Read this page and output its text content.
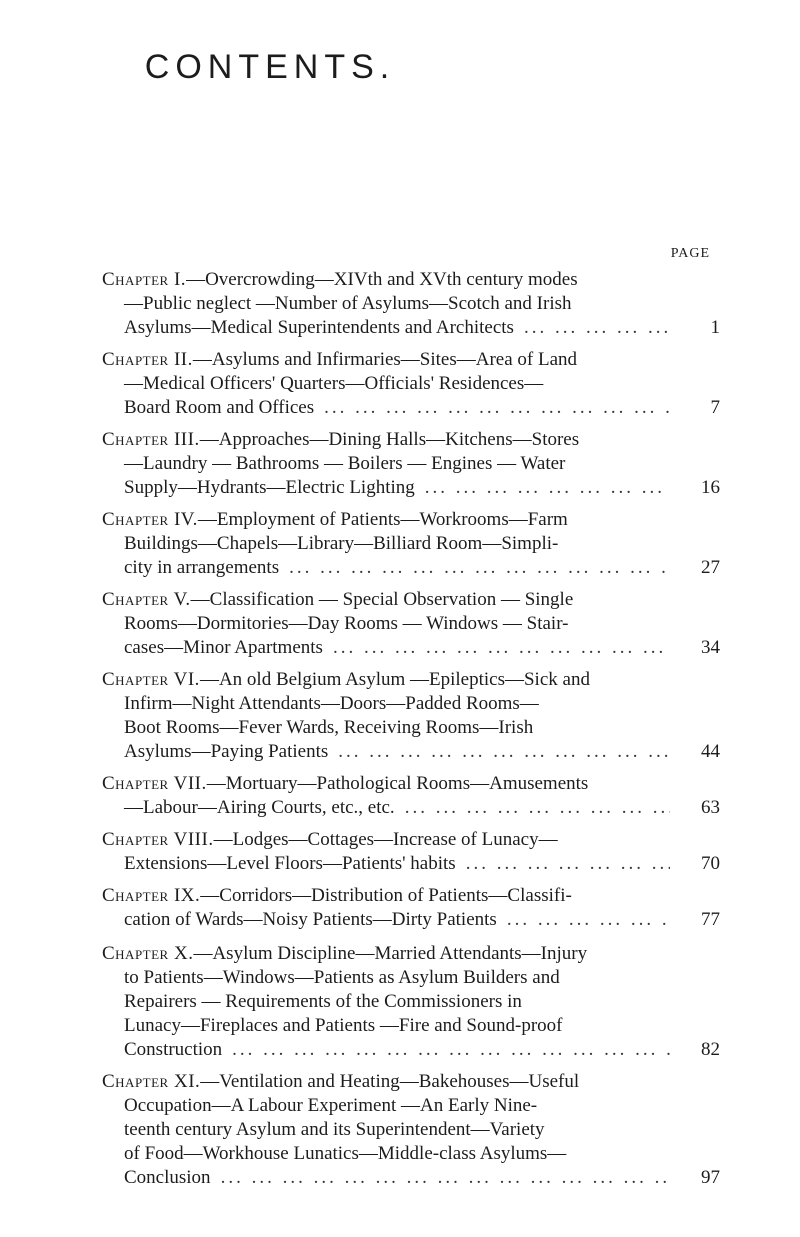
CONTENTS.
PAGE
Chapter I.—Overcrowding—XIVth and XVth century modes
—Public neglect —Number of Asylums—Scotch and Irish
Asylums—Medical Superintendents and Architects ... .	1
Chapter II.—Asylums and Infirmaries—Sites—Area of Land
—Medical Officers' Quarters—Officials' Residences—
Board Room and Offices ... .	7
Chapter III.—Approaches—Dining Halls—Kitchens—Stores
—Laundry — Bathrooms — Boilers — Engines — Water
Supply—Hydrants—Electric Lighting ... .	16
Chapter IV.—Employment of Patients—Workrooms—Farm
Buildings—Chapels—Library—Billiard Room—Simpli-
city in arrangements ... .	27
Chapter V.—Classification — Special Observation — Single
Rooms—Dormitories—Day Rooms — Windows — Stair-
cases—Minor Apartments ... .	34
Chapter VI.—An old Belgium Asylum —Epileptics—Sick and
Infirm—Night Attendants—Doors—Padded Rooms—
Boot Rooms—Fever Wards, Receiving Rooms—Irish
Asylums—Paying Patients ... .	44
Chapter VII.—Mortuary—Pathological Rooms—Amusements
—Labour—Airing Courts, etc., etc. ... .	63
Chapter VIII.—Lodges—Cottages—Increase of Lunacy—
Extensions—Level Floors—Patients' habits ... .	70
Chapter IX.—Corridors—Distribution of Patients—Classifi-
cation of Wards—Noisy Patients—Dirty Patients ... .	77
Chapter X.—Asylum Discipline—Married Attendants—Injury
to Patients—Windows—Patients as Asylum Builders and
Repairers — Requirements of the Commissioners in
Lunacy—Fireplaces and Patients —Fire and Sound-proof
Construction ... .	82
Chapter XI.—Ventilation and Heating—Bakehouses—Useful
Occupation—A Labour Experiment —An Early Nine-
teenth century Asylum and its Superintendent—Variety
of Food—Workhouse Lunatics—Middle-class Asylums—
Conclusion ... .	97
